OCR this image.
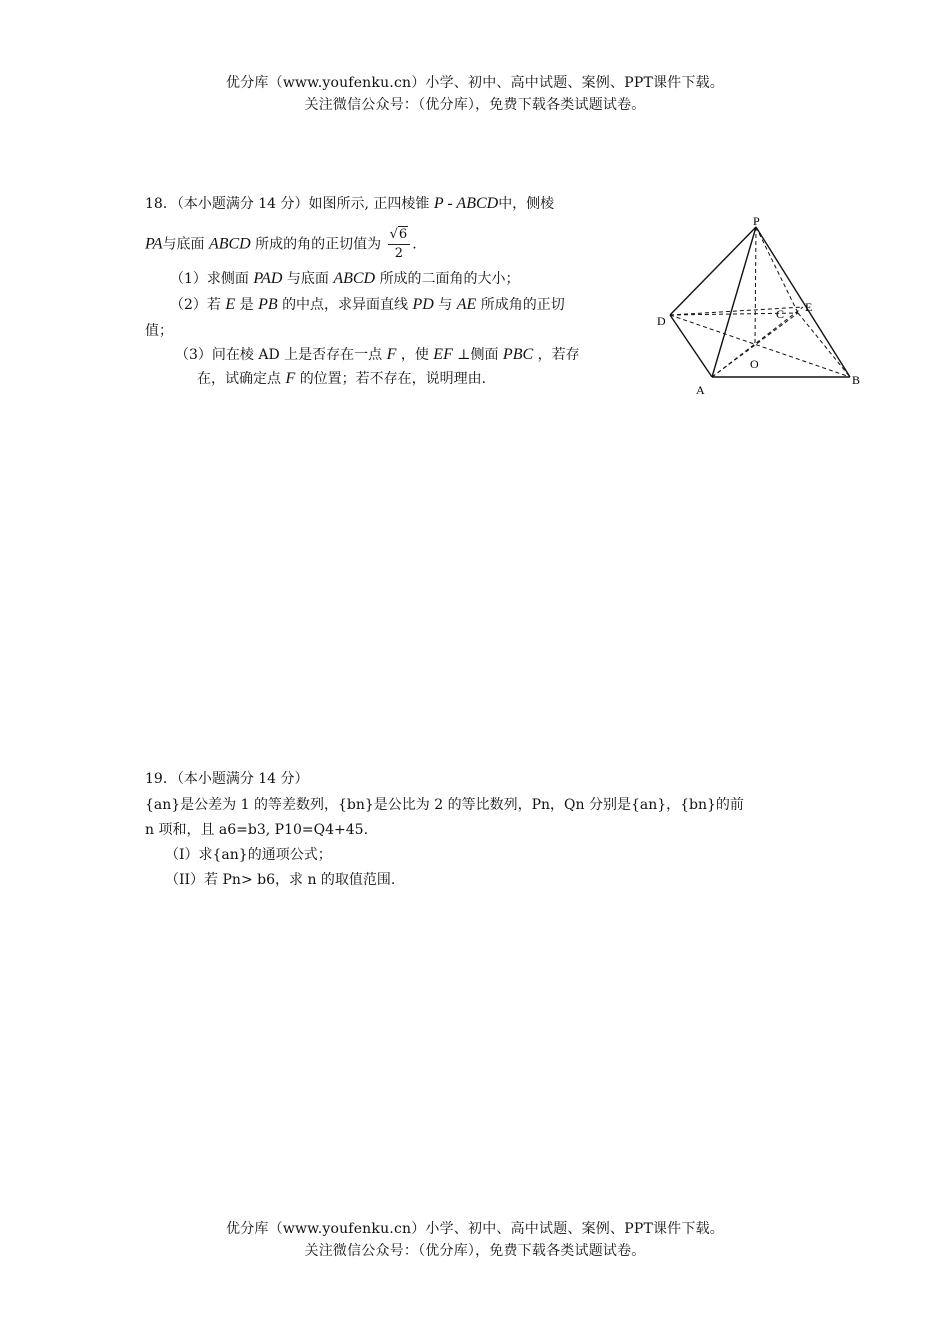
优分库（www.youfenku.cn）小学、初中、高中试题、案例、PPT课件下载。
关注微信公众号：（优分库），免费下载各类试题试卷。
18．（本小题满分 14 分）如图所示, 正四棱锥 P - ABCD中，侧棱
PA与底面 ABCD 所成的角的正切值为 $\frac{√6}{2}$ .
（1）求侧面 PAD 与底面 ABCD 所成的二面角的大小；
（2）若 E 是 PB 的中点，求异面直线 PD 与 AE 所成角的正切
值；
（3）问在棱 AD 上是否存在一点 F ，使 EF ⊥侧面 PBC ，若存
在，试确定点 F 的位置；若不存在，说明理由.
P
D	C E
O
A
B
19．（本小题满分 14 分）
{an}是公差为 1 的等差数列，{bn}是公比为 2 的等比数列，Pn，Qn 分别是{an}，{bn}的前
n 项和，且 a6=b3, P10=Q4+45.
（I）求{an}的通项公式；
（II）若 Pn> b6，求 n 的取值范围.
优分库（www.youfenku.cn）小学、初中、高中试题、案例、PPT课件下载。
关注微信公众号：（优分库），免费下载各类试题试卷。
